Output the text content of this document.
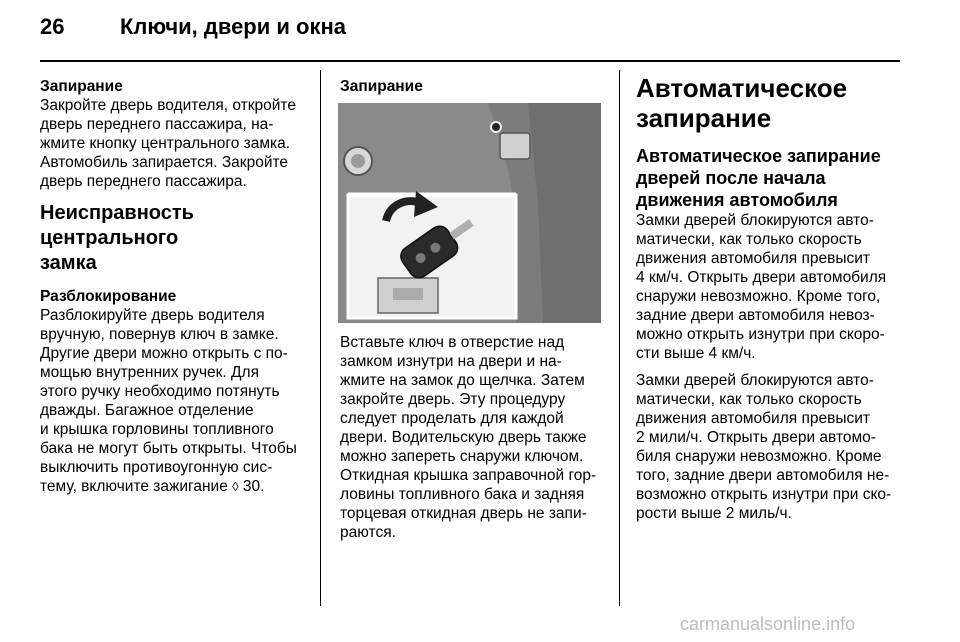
26	Ключи, двери и окна
Запирание
Закройте дверь водителя, откройте
дверь переднего пассажира, на-
жмите кнопку центрального замка.
Автомобиль запирается. Закройте
дверь переднего пассажира.
Неисправность центрального
замка
Разблокирование
Разблокируйте дверь водителя
вручную, повернув ключ в замке.
Другие двери можно открыть с по-
мощью внутренних ручек. Для
этого ручку необходимо потянуть
дважды. Багажное отделение
и крышка горловины топливного
бака не могут быть открыты. Чтобы
выключить противоугонную сис-
тему, включите зажигание ◊ 30.
Запирание
Вставьте ключ в отверстие над
замком изнутри на двери и на-
жмите на замок до щелчка. Затем
закройте дверь. Эту процедуру
следует проделать для каждой
двери. Водительскую дверь также
можно запереть снаружи ключом.
Откидная крышка заправочной гор-
ловины топливного бака и задняя
торцевая откидная дверь не запи-
раются.
Автоматическое
запирание
Автоматическое запирание
дверей после начала
движения автомобиля
Замки дверей блокируются авто-
матически, как только скорость
движения автомобиля превысит
4 км/ч. Открыть двери автомобиля
снаружи невозможно. Кроме того,
задние двери автомобиля невоз-
можно открыть изнутри при скоро-
сти выше 4 км/ч.
Замки дверей блокируются авто-
матически, как только скорость
движения автомобиля превысит
2 мили/ч. Открыть двери автомо-
биля снаружи невозможно. Кроме
того, задние двери автомобиля не-
возможно открыть изнутри при ско-
рости выше 2 миль/ч.
carmanualsonline.info
